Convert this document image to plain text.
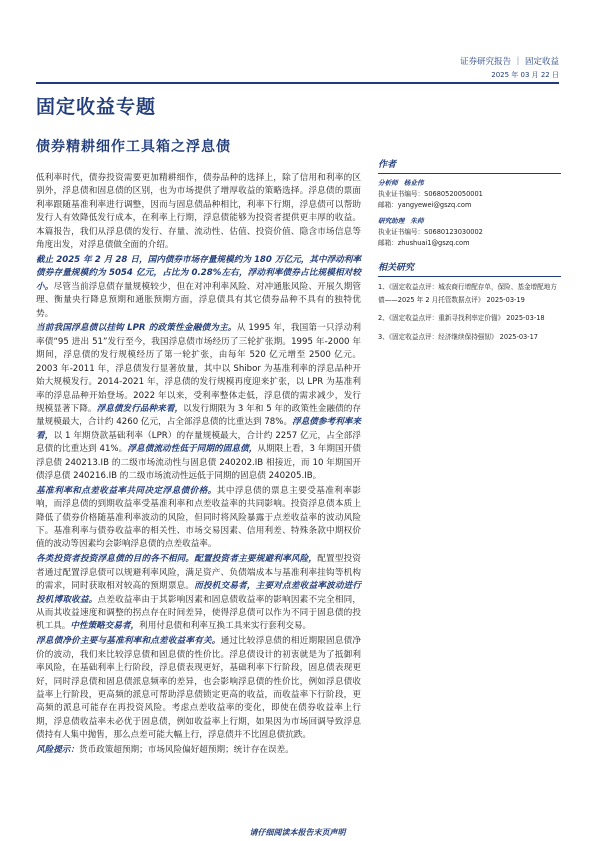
证券研究报告 ｜ 固定收益
2025 年 03 月 22 日
固定收益专题
债券精耕细作工具箱之浮息债

低利率时代，债券投资需要更加精耕细作，债券品种的选择上，除了信用和利率的区别外，浮息债和固息债的区别，也为市场提供了增厚收益的策略选择。浮息债的票面利率跟随基准利率进行调整，因而与固息债品种相比，利率下行期，浮息债可以帮助发行人有效降低发行成本，在利率上行期，浮息债能够为投资者提供更丰厚的收益。本篇报告，我们从浮息债的发行、存量、流动性、估值、投资价值、隐含市场信息等角度出发，对浮息债做全面的介绍。

截止 2025 年 2 月 28 日，国内债券市场存量规模约为 180 万亿元，其中浮动利率债券存量规模约为 5054 亿元，占比为 0.28%左右，浮动利率债券占比规模相对较小。尽管当前浮息债存量规模较少，但在对冲利率风险、对冲通胀风险、开展久期管理、衡量央行降息预期和通胀预期方面，浮息债具有其它债券品种不具有的独特优势。

当前我国浮息债以挂钩 LPR 的政策性金融债为主。从 1995 年，我国第一只浮动利率债“95 进出 51”发行至今，我国浮息债市场经历了三轮扩张期。1995 年-2000 年期间，浮息债的发行规模经历了第一轮扩张，由每年 520 亿元增至 2500 亿元。2003 年-2011 年，浮息债发行显著放量，其中以 Shibor 为基准利率的浮息品种开始大规模发行。2014-2021 年，浮息债的发行规模再度迎来扩张，以 LPR 为基准利率的浮息品种开始登场。2022 年以来，受利率整体走低，浮息债的需求减少，发行规模显著下降。浮息债发行品种来看，以发行期限为 3 年和 5 年的政策性金融债的存量规模最大，合计约 4260 亿元，占全部浮息债的比重达到 78%。浮息债参考利率来看，以 1 年期贷款基础利率（LPR）的存量规模最大，合计约 2257 亿元，占全部浮息债的比重达到 41%。浮息债流动性低于同期的固息债，从期限上看，3 年期国开债浮息债 240213.IB 的二级市场流动性与固息债 240202.IB 相接近，而 10 年期国开债浮息债 240216.IB 的二级市场流动性远低于同期的固息债 240205.IB。

基准利率和点差收益率共同决定浮息债价格。其中浮息债的票息主要受基准利率影响，而浮息债的到期收益率受基准利率和点差收益率的共同影响。投资浮息债本质上降低了债券价格随基准利率波动的风险，但同时将风险暴露于点差收益率的波动风险下。基准利率与债券收益率的相关性、市场交易因素、信用利差、特殊条款中期权价值的波动等因素均会影响浮息债的点差收益率。

各类投资者投资浮息债的目的各不相同。配置投资者主要规避利率风险，配置型投资者通过配置浮息债可以规避利率风险，满足资产、负债端成本与基准利率挂钩等机构的需求，同时获取相对较高的预期票息。而投机交易者，主要对点差收益率波动进行投机博取收益。点差收益率由于其影响因素和固息债收益率的影响因素不完全相同，从而其收益速度和调整的拐点存在时间差异，使得浮息债可以作为不同于固息债的投机工具。中性策略交易者，利用付息债和利率互换工具来实行套利交易。

浮息债净价主要与基准利率和点差收益率有关。通过比较浮息债的相近期限固息债净价的波动，我们来比较浮息债和固息债的性价比。浮息债设计的初衷就是为了抵御利率风险，在基础利率上行阶段，浮息债表现更好，基础利率下行阶段，固息债表现更好，同时浮息债和固息债派息频率的差异，也会影响浮息债的性价比，例如浮息债收益率上行阶段，更高频的派息可帮助浮息债锁定更高的收益，而收益率下行阶段，更高频的派息可能存在再投资风险。考虑点差收益率的变化，即使在债券收益率上行期，浮息债收益率未必优于固息债，例如收益率上行期，如果因为市场回调导致浮息债持有人集中抛售，那么点差可能大幅上行，浮息债并不比固息债抗跌。

风险提示：货币政策超预期；市场风险偏好超预期；统计存在误差。

作者
分析师 杨业伟
执业证书编号：S0680520050001
邮箱：yangyewei@gszq.com
研究助理 朱帅
执业证书编号：S0680123030002
邮箱：zhushuai1@gszq.com
相关研究
1、《固定收益点评：城农商行增配存单，保险、基金增配地方债——2025 年 2 月托管数据点评》 2025-03-19
2、《固定收益点评：重新寻找利率定价锚》 2025-03-18
3、《固定收益点评：经济继续保持强韧》 2025-03-17
请仔细阅读本报告末页声明
